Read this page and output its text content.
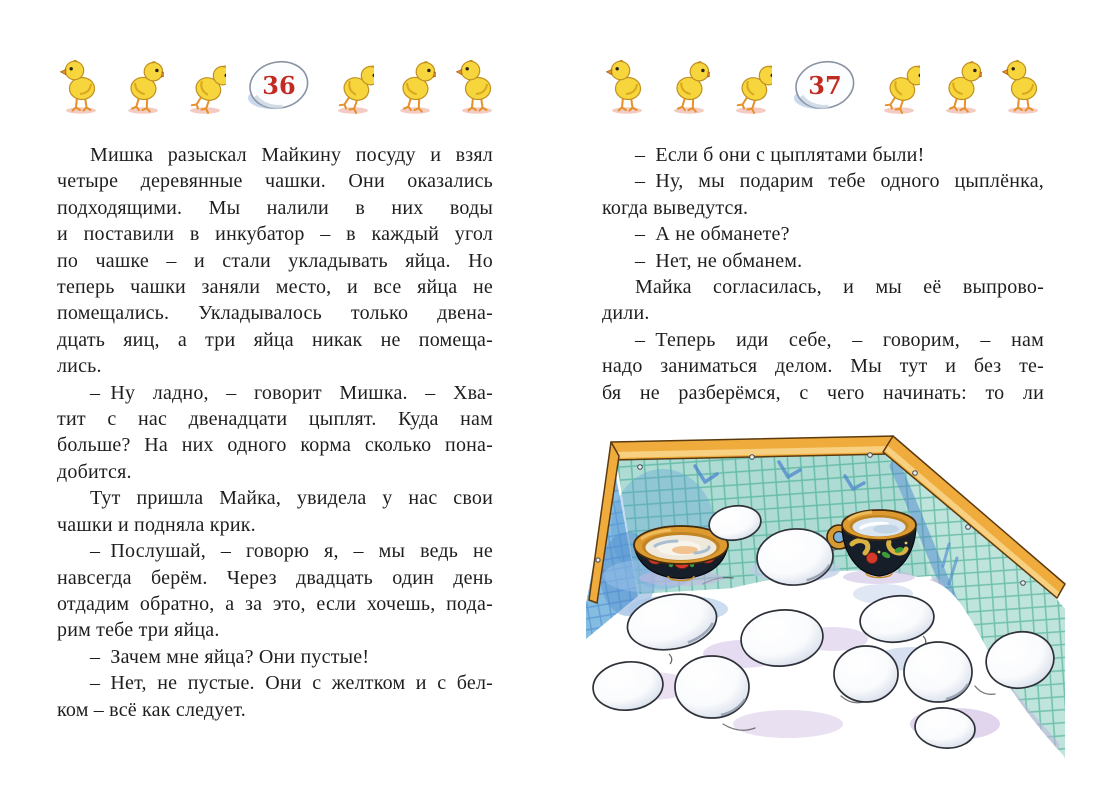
36
Мишка разыскал Майкину посуду и взял
четыре деревянные чашки. Они оказались
подходящими. Мы налили в них воды
и поставили в инкубатор – в каждый угол
по чашке – и стали укладывать яйца. Но
теперь чашки заняли место, и все яйца не
помещались. Укладывалось только двена-
дцать яиц, а три яйца никак не помеща-
лись.
– Ну ладно, – говорит Мишка. – Хва-
тит с нас двенадцати цыплят. Куда нам
больше? На них одного корма сколько пона-
добится.
Тут пришла Майка, увидела у нас свои
чашки и подняла крик.
– Послушай, – говорю я, – мы ведь не
навсегда берём. Через двадцать один день
отдадим обратно, а за это, если хочешь, пода-
рим тебе три яйца.
– Зачем мне яйца? Они пустые!
– Нет, не пустые. Они с желтком и с бел-
ком – всё как следует.
37
– Если б они с цыплятами были!
– Ну, мы подарим тебе одного цыплёнка,
когда выведутся.
– А не обманете?
– Нет, не обманем.
Майка согласилась, и мы её выпрово-
дили.
– Теперь иди себе, – говорим, – нам
надо заниматься делом. Мы тут и без те-
бя не разберёмся, с чего начинать: то ли
